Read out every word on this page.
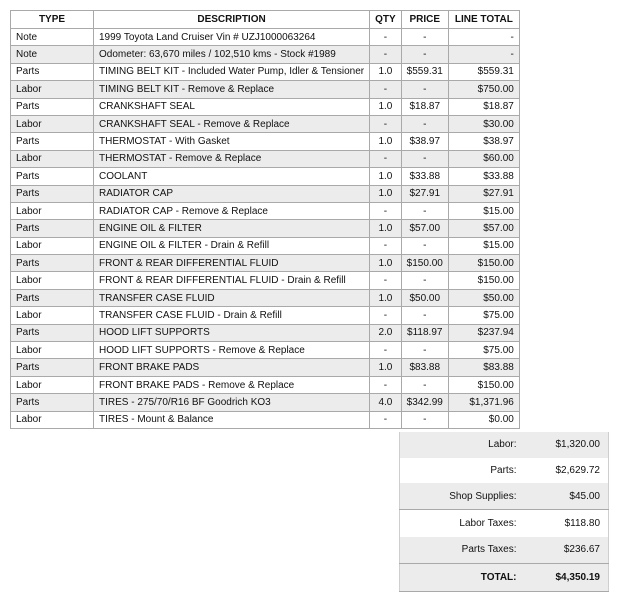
TYPE	DESCRIPTION	QTY	PRICE	LINE TOTAL
Note	1999 Toyota Land Cruiser Vin # UZJ1000063264	-	-	-
Note	Odometer: 63,670 miles / 102,510 kms - Stock #1989	-	-	-
Parts	TIMING BELT KIT - Included Water Pump, Idler & Tensioner	1.0	$559.31	$559.31
Labor	TIMING BELT KIT - Remove & Replace	-	-	$750.00
Parts	CRANKSHAFT SEAL	1.0	$18.87	$18.87
Labor	CRANKSHAFT SEAL - Remove & Replace	-	-	$30.00
Parts	THERMOSTAT - With Gasket	1.0	$38.97	$38.97
Labor	THERMOSTAT - Remove & Replace	-	-	$60.00
Parts	COOLANT	1.0	$33.88	$33.88
Parts	RADIATOR CAP	1.0	$27.91	$27.91
Labor	RADIATOR CAP - Remove & Replace	-	-	$15.00
Parts	ENGINE OIL & FILTER	1.0	$57.00	$57.00
Labor	ENGINE OIL & FILTER - Drain & Refill	-	-	$15.00
Parts	FRONT & REAR DIFFERENTIAL FLUID	1.0	$150.00	$150.00
Labor	FRONT & REAR DIFFERENTIAL FLUID - Drain & Refill	-	-	$150.00
Parts	TRANSFER CASE FLUID	1.0	$50.00	$50.00
Labor	TRANSFER CASE FLUID - Drain & Refill	-	-	$75.00
Parts	HOOD LIFT SUPPORTS	2.0	$118.97	$237.94
Labor	HOOD LIFT SUPPORTS - Remove & Replace	-	-	$75.00
Parts	FRONT BRAKE PADS	1.0	$83.88	$83.88
Labor	FRONT BRAKE PADS - Remove & Replace	-	-	$150.00
Parts	TIRES - 275/70/R16 BF Goodrich KO3	4.0	$342.99	$1,371.96
Labor	TIRES - Mount & Balance	-	-	$0.00
Labor:	$1,320.00
Parts:	$2,629.72
Shop Supplies:	$45.00
Labor Taxes:	$118.80
Parts Taxes:	$236.67
TOTAL:	$4,350.19
